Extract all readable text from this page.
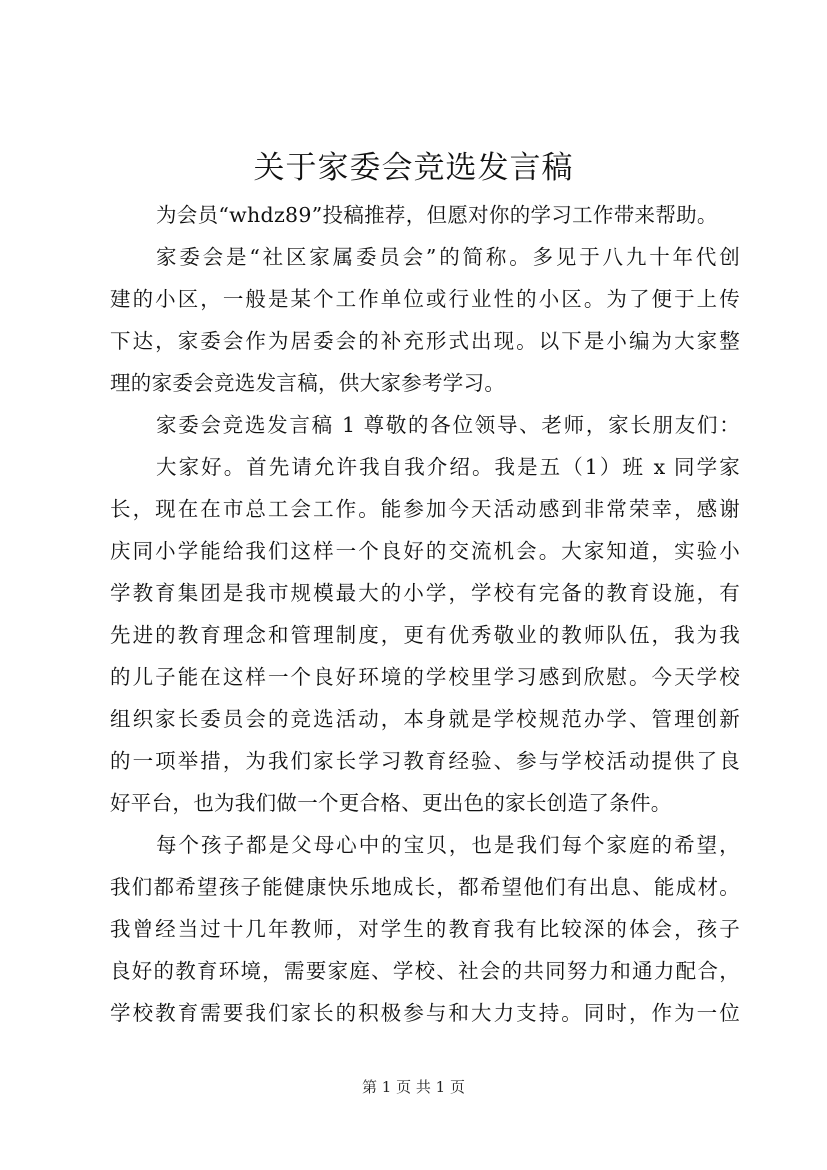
关于家委会竞选发言稿
为会员“whdz89”投稿推荐，但愿对你的学习工作带来帮助。
家委会是“社区家属委员会”的简称。多见于八九十年代创
建的小区，一般是某个工作单位或行业性的小区。为了便于上传
下达，家委会作为居委会的补充形式出现。以下是小编为大家整
理的家委会竞选发言稿，供大家参考学习。
家委会竞选发言稿 1 尊敬的各位领导、老师，家长朋友们：
大家好。首先请允许我自我介绍。我是五（1）班 x 同学家
长，现在在市总工会工作。能参加今天活动感到非常荣幸，感谢
庆同小学能给我们这样一个良好的交流机会。大家知道，实验小
学教育集团是我市规模最大的小学，学校有完备的教育设施，有
先进的教育理念和管理制度，更有优秀敬业的教师队伍，我为我
的儿子能在这样一个良好环境的学校里学习感到欣慰。今天学校
组织家长委员会的竞选活动，本身就是学校规范办学、管理创新
的一项举措，为我们家长学习教育经验、参与学校活动提供了良
好平台，也为我们做一个更合格、更出色的家长创造了条件。
每个孩子都是父母心中的宝贝，也是我们每个家庭的希望，
我们都希望孩子能健康快乐地成长，都希望他们有出息、能成材。
我曾经当过十几年教师，对学生的教育我有比较深的体会，孩子
良好的教育环境，需要家庭、学校、社会的共同努力和通力配合，
学校教育需要我们家长的积极参与和大力支持。同时，作为一位
第 1 页 共 1 页
